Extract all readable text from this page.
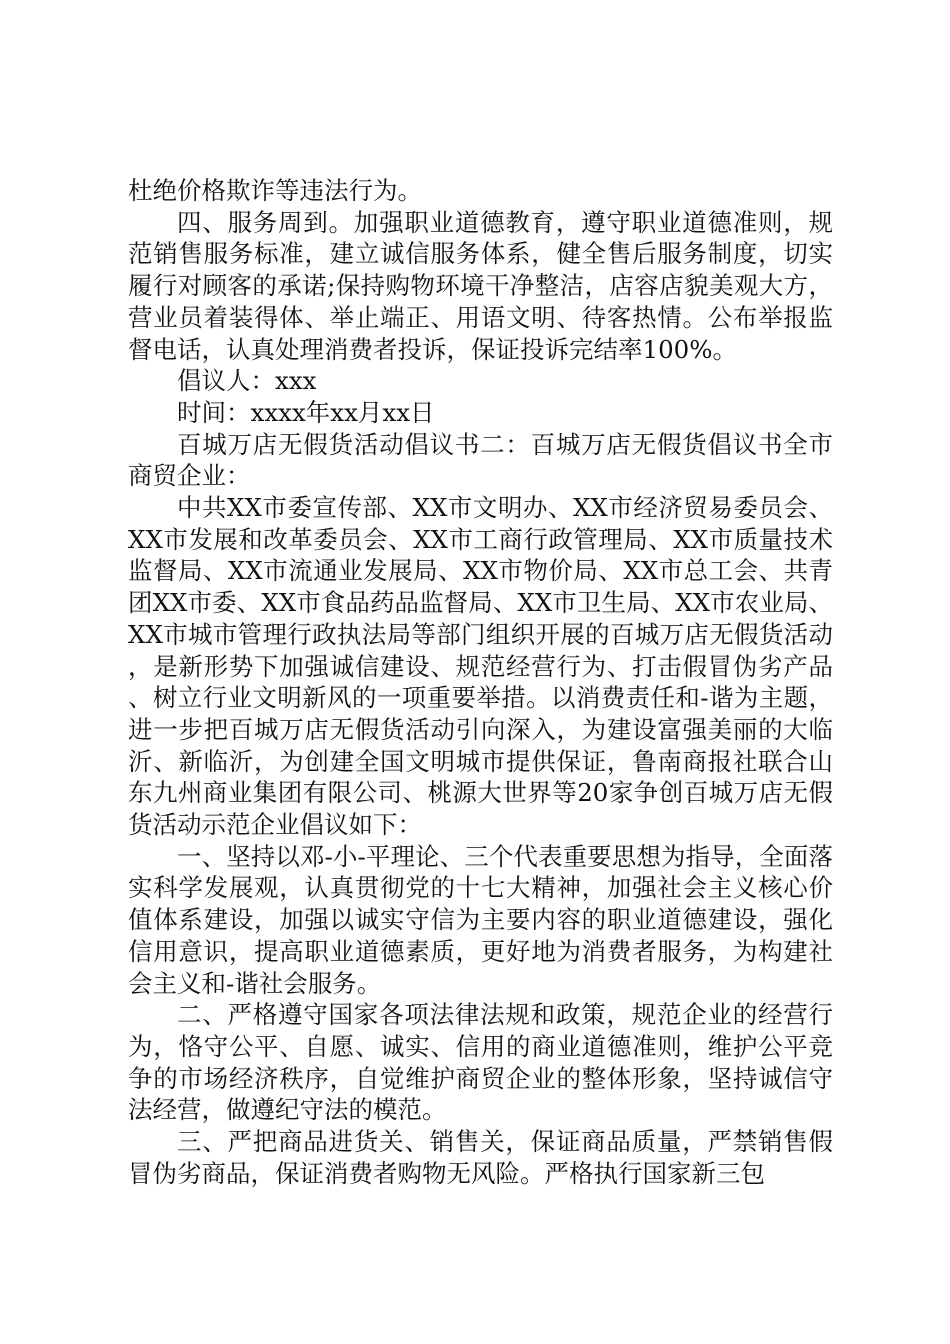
杜绝价格欺诈等违法行为。

四、服务周到。加强职业道德教育，遵守职业道德准则，规范销售服务标准，建立诚信服务体系，健全售后服务制度，切实履行对顾客的承诺;保持购物环境干净整洁，店容店貌美观大方，营业员着装得体、举止端正、用语文明、待客热情。公布举报监督电话，认真处理消费者投诉，保证投诉完结率100%。

倡议人：xxx

时间：xxxx年xx月xx日

百城万店无假货活动倡议书二：百城万店无假货倡议书全市商贸企业：

中共XX市委宣传部、XX市文明办、XX市经济贸易委员会、XX市发展和改革委员会、XX市工商行政管理局、XX市质量技术监督局、XX市流通业发展局、XX市物价局、XX市总工会、共青团XX市委、XX市食品药品监督局、XX市卫生局、XX市农业局、XX市城市管理行政执法局等部门组织开展的百城万店无假货活动，是新形势下加强诚信建设、规范经营行为、打击假冒伪劣产品、树立行业文明新风的一项重要举措。以消费责任和-谐为主题，进一步把百城万店无假货活动引向深入，为建设富强美丽的大临沂、新临沂，为创建全国文明城市提供保证，鲁南商报社联合山东九州商业集团有限公司、桃源大世界等20家争创百城万店无假货活动示范企业倡议如下：

一、坚持以邓-小-平理论、三个代表重要思想为指导，全面落实科学发展观，认真贯彻党的十七大精神，加强社会主义核心价值体系建设，加强以诚实守信为主要内容的职业道德建设，强化信用意识，提高职业道德素质，更好地为消费者服务，为构建社会主义和-谐社会服务。

二、严格遵守国家各项法律法规和政策，规范企业的经营行为，恪守公平、自愿、诚实、信用的商业道德准则，维护公平竞争的市场经济秩序，自觉维护商贸企业的整体形象，坚持诚信守法经营，做遵纪守法的模范。

三、严把商品进货关、销售关，保证商品质量，严禁销售假冒伪劣商品，保证消费者购物无风险。严格执行国家新三包
